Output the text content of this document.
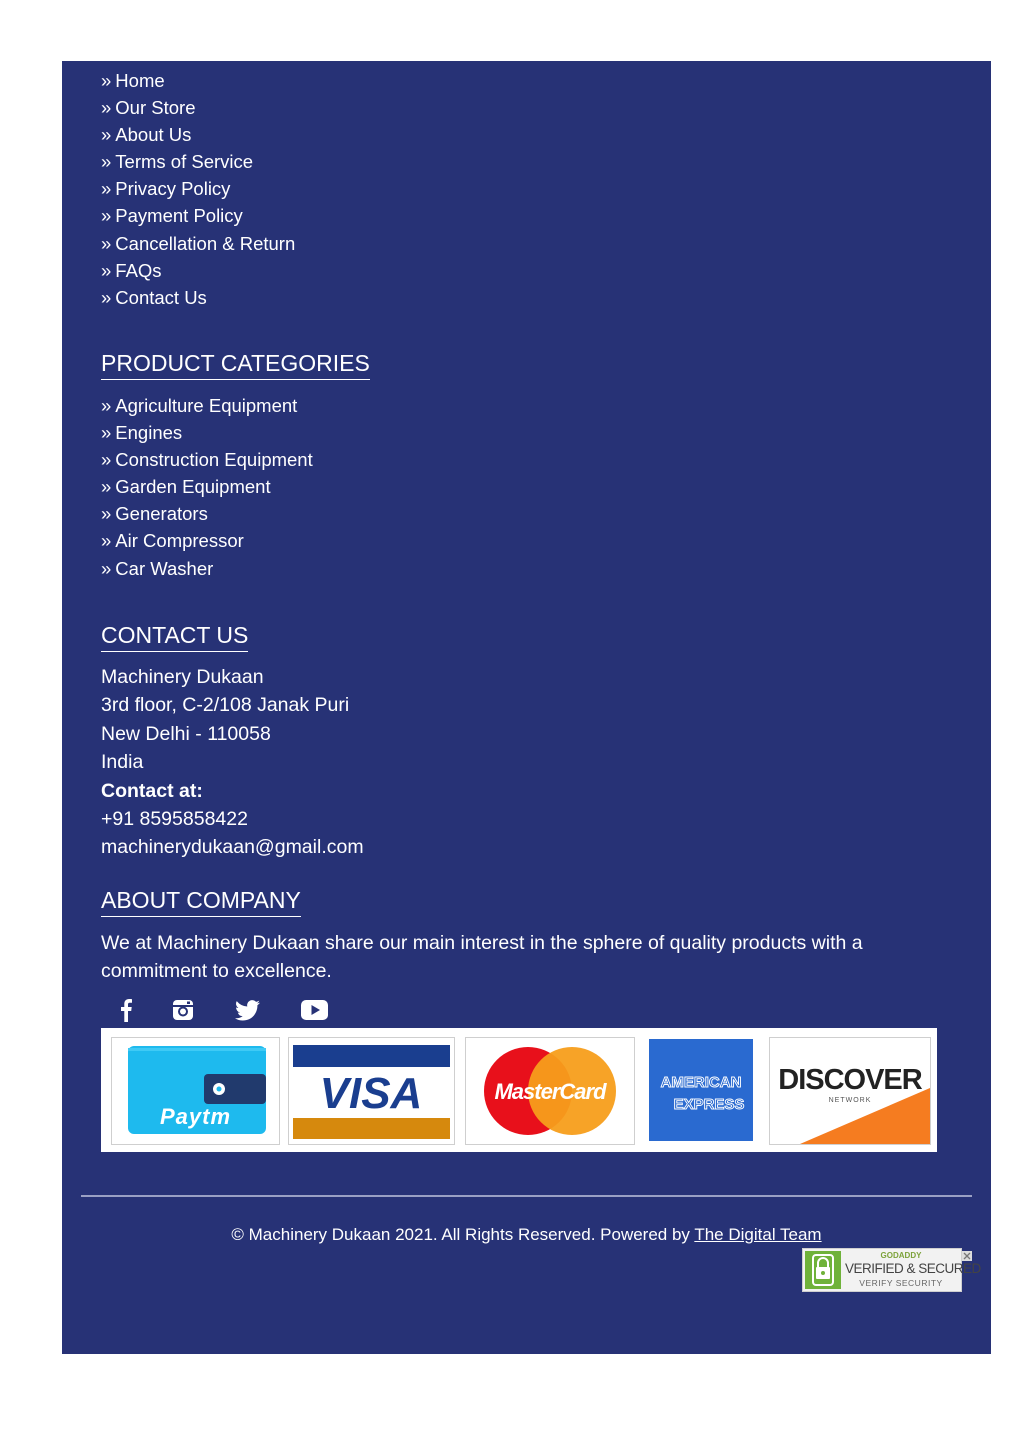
» Home
» Our Store
» About Us
» Terms of Service
» Privacy Policy
» Payment Policy
» Cancellation & Return
» FAQs
» Contact Us
PRODUCT CATEGORIES
» Agriculture Equipment
» Engines
» Construction Equipment
» Garden Equipment
» Generators
» Air Compressor
» Car Washer
CONTACT US
Machinery Dukaan
3rd floor, C-2/108 Janak Puri
New Delhi - 110058
India
Contact at:
+91 8595858422
machinerydukaan@gmail.com
ABOUT COMPANY
We at Machinery Dukaan share our main interest in the sphere of quality products with a commitment to excellence.
Paytm VISA	MasterCard	AMERICAN
EXPRESS
DISCOVER
NETWORK
© Machinery Dukaan 2021. All Rights Reserved. Powered by The Digital Team
GODADDY
VERIFIED & SECURED
VERIFY SECURITY
